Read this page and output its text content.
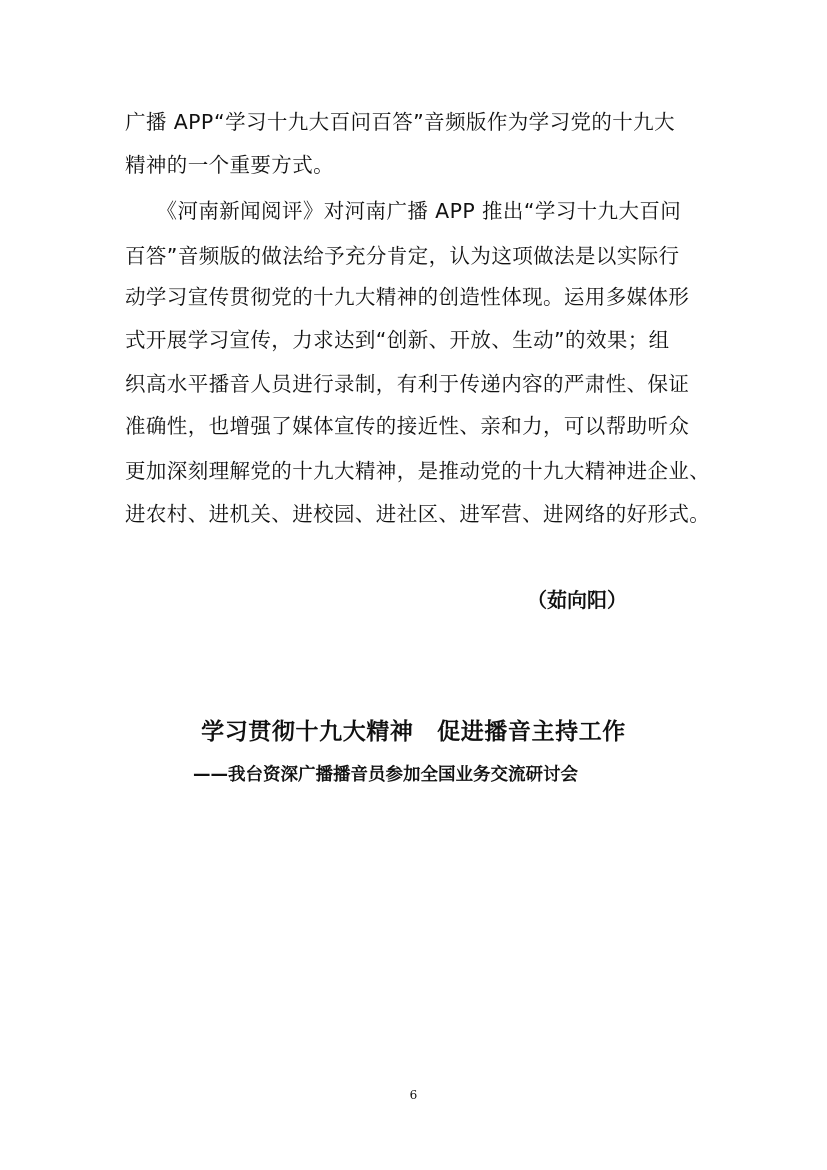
广播 APP“学习十九大百问百答”音频版作为学习党的十九大
精神的一个重要方式。
　　《河南新闻阅评》对河南广播 APP 推出“学习十九大百问
百答”音频版的做法给予充分肯定，认为这项做法是以实际行
动学习宣传贯彻党的十九大精神的创造性体现。运用多媒体形
式开展学习宣传，力求达到“创新、开放、生动”的效果；组
织高水平播音人员进行录制，有利于传递内容的严肃性、保证
准确性，也增强了媒体宣传的接近性、亲和力，可以帮助听众
更加深刻理解党的十九大精神，是推动党的十九大精神进企业、
进农村、进机关、进校园、进社区、进军营、进网络的好形式。
（茹向阳）
学习贯彻十九大精神　促进播音主持工作
——我台资深广播播音员参加全国业务交流研讨会
6
